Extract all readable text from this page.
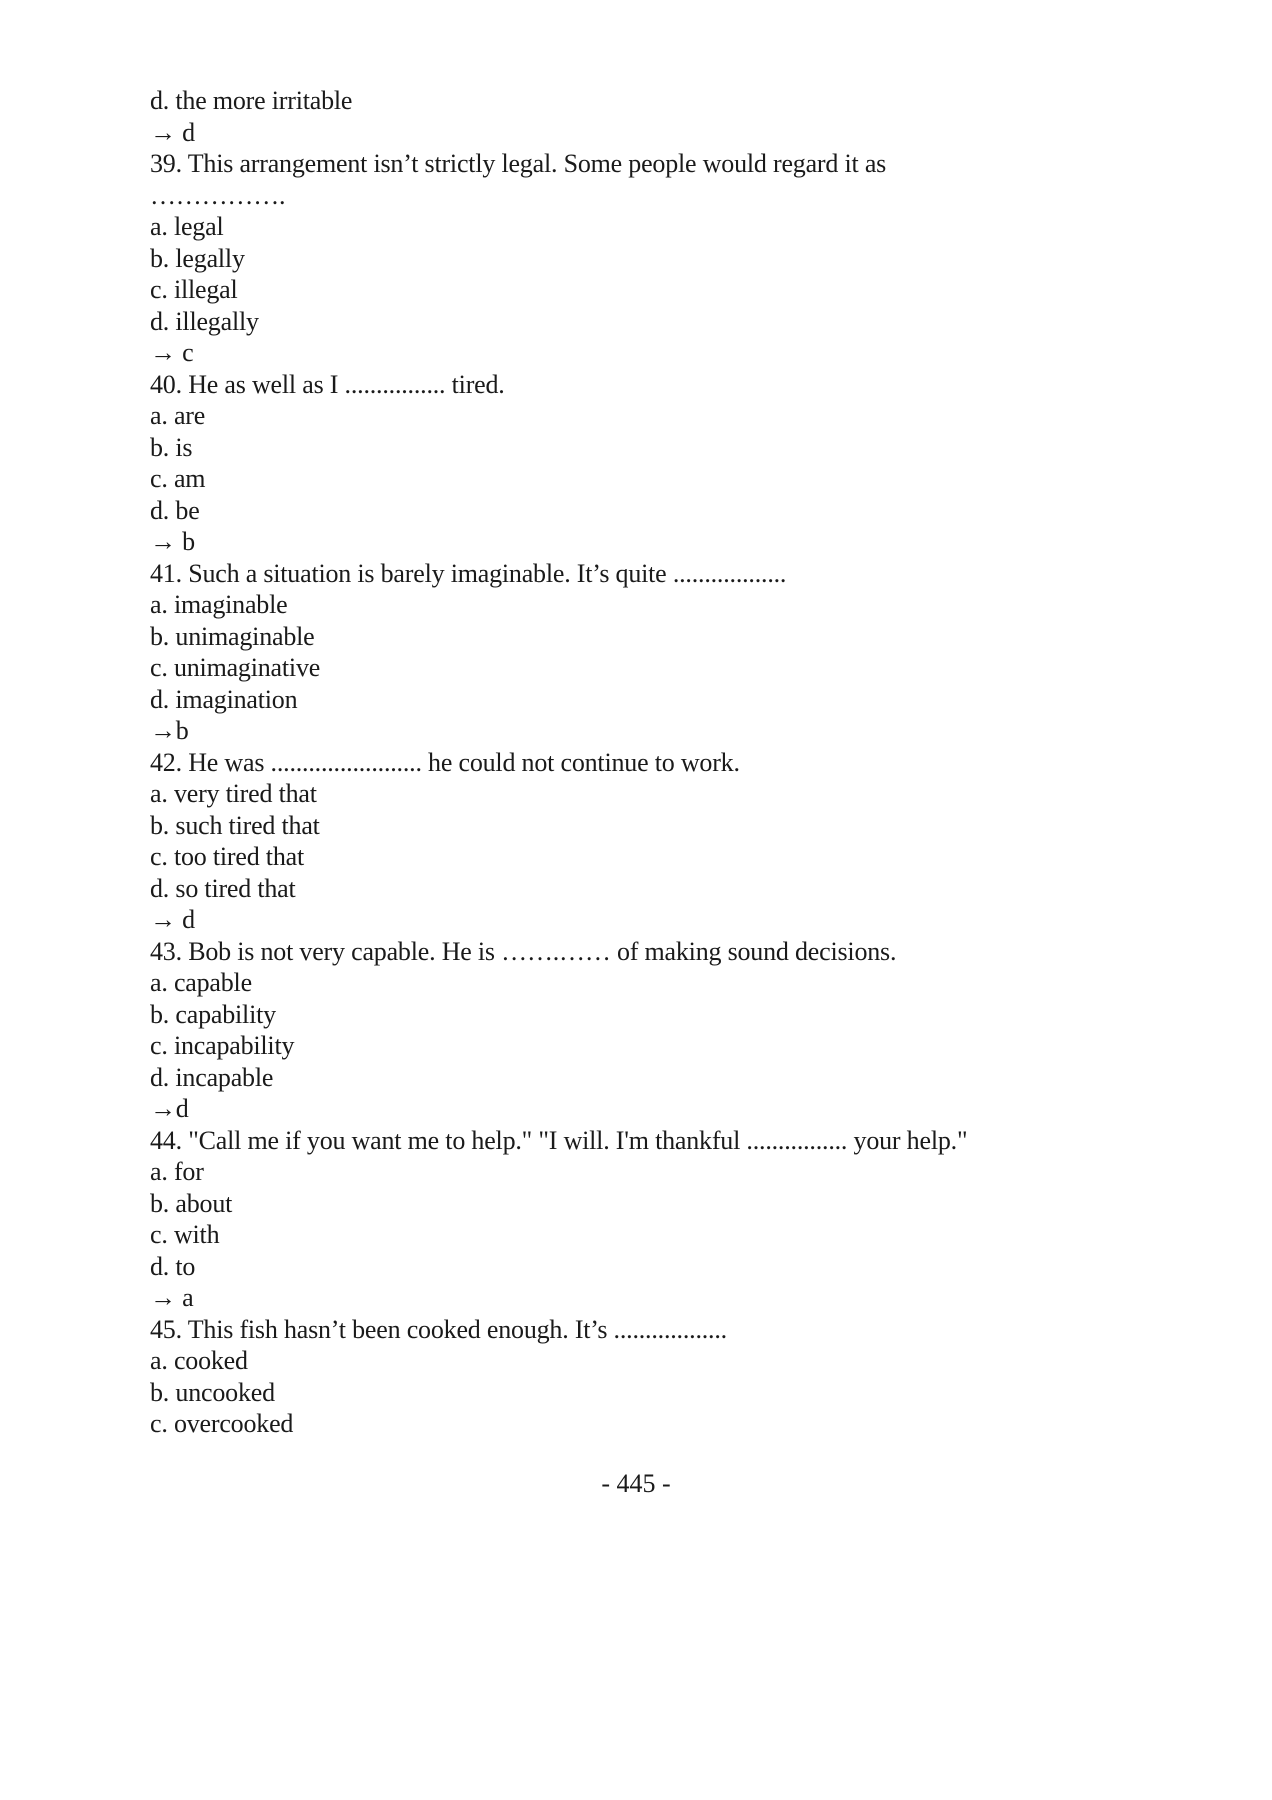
d. the more irritable
→ d
39. This arrangement isn’t strictly legal. Some people would regard it as
…………….
a. legal
b. legally
c. illegal
d. illegally
→ c
40. He as well as I ................ tired.
a. are
b. is
c. am
d. be
→ b
41. Such a situation is barely imaginable. It’s quite ..................
a. imaginable
b. unimaginable
c. unimaginative
d. imagination
→b
42. He was ........................ he could not continue to work.
a. very tired that
b. such tired that
c. too tired that
d. so tired that
→ d
43. Bob is not very capable. He is …….…… of making sound decisions.
a. capable
b. capability
c. incapability
d. incapable
→d
44. "Call me if you want me to help." "I will. I'm thankful ................ your help."
a. for
b. about
c. with
d. to
→ a
45. This fish hasn’t been cooked enough. It’s ..................
a. cooked
b. uncooked
c. overcooked
- 445 -
